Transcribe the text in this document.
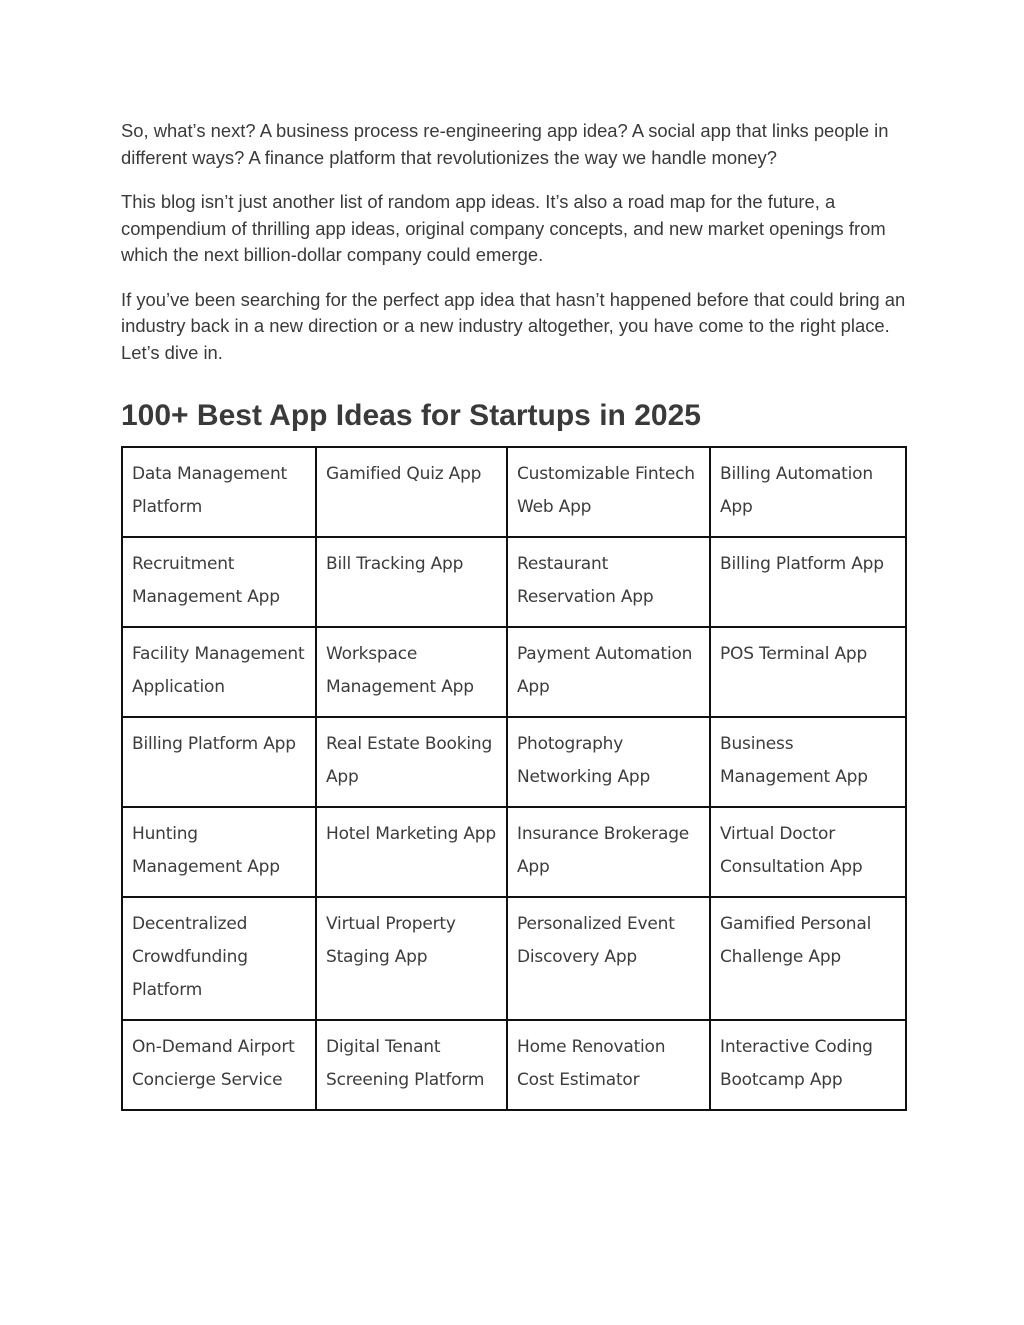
So, what’s next? A business process re-engineering app idea? A social app that links people in different ways? A finance platform that revolutionizes the way we handle money?

This blog isn’t just another list of random app ideas. It’s also a road map for the future, a compendium of thrilling app ideas, original company concepts, and new market openings from which the next billion-dollar company could emerge.

If you’ve been searching for the perfect app idea that hasn’t happened before that could bring an industry back in a new direction or a new industry altogether, you have come to the right place. Let’s dive in.

100+ Best App Ideas for Startups in 2025
Data Management Platform	Gamified Quiz App	Customizable Fintech Web App	Billing Automation App
Recruitment Management App	Bill Tracking App	Restaurant Reservation App	Billing Platform App
Facility Management Application	Workspace Management App	Payment Automation App	POS Terminal App
Billing Platform App	Real Estate Booking App	Photography Networking App	Business Management App
Hunting Management App	Hotel Marketing App	Insurance Brokerage App	Virtual Doctor Consultation App
Decentralized Crowdfunding Platform	Virtual Property Staging App	Personalized Event Discovery App	Gamified Personal Challenge App
On-Demand Airport Concierge Service	Digital Tenant Screening Platform	Home Renovation Cost Estimator	Interactive Coding Bootcamp App
